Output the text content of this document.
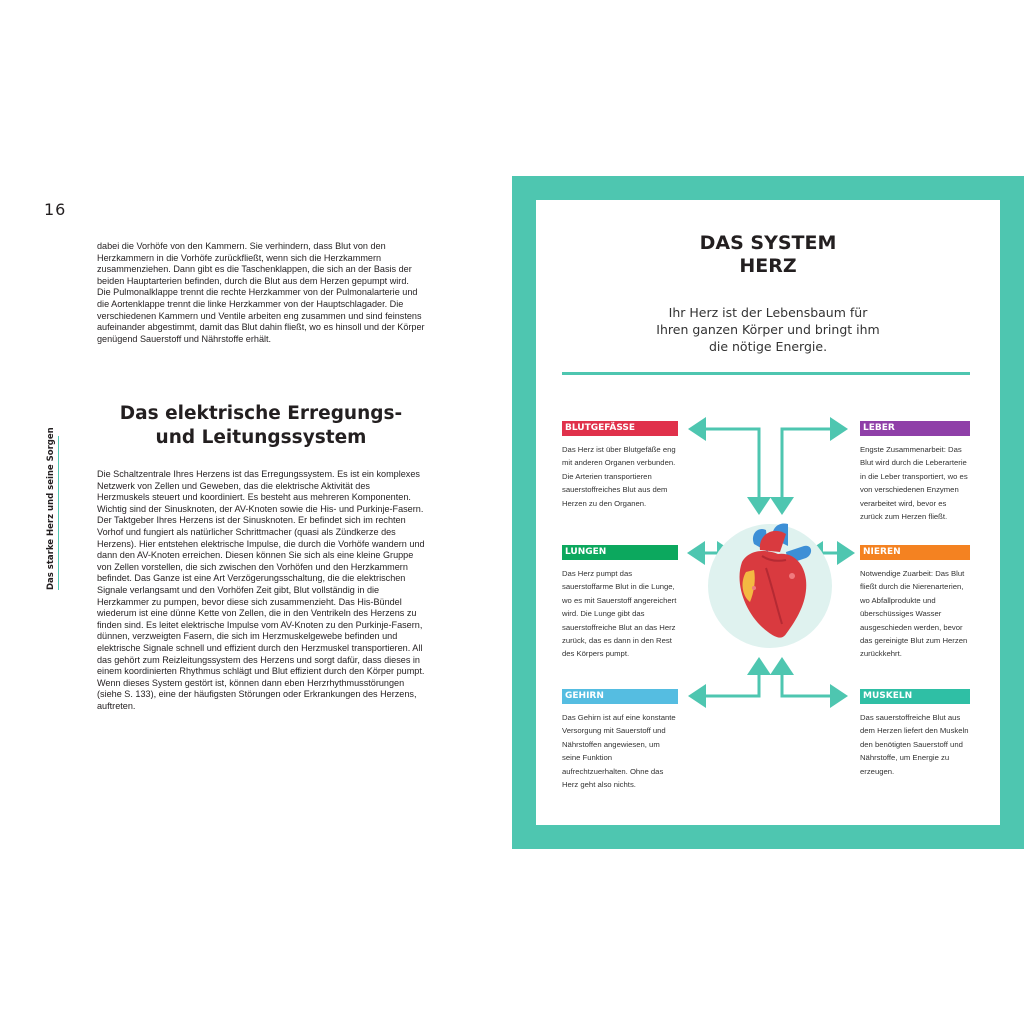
16
Das starke Herz und seine Sorgen

dabei die Vorhöfe von den Kammern. Sie verhindern, dass Blut von den Herzkammern in die Vorhöfe zurückfließt, wenn sich die Herzkammern zusammenziehen. Dann gibt es die Taschenklappen, die sich an der Basis der beiden Hauptarterien befinden, durch die Blut aus dem Herzen gepumpt wird. Die Pulmonalklappe trennt die rechte Herzkammer von der Pulmonalarterie und die Aortenklappe trennt die linke Herzkammer von der Hauptschlagader. Die verschiedenen Kammern und Ventile arbeiten eng zusammen und sind feinstens aufeinander abgestimmt, damit das Blut dahin fließt, wo es hinsoll und der Körper genügend Sauerstoff und Nährstoffe erhält.

Das elektrische Erregungs- und Leitungssystem

Die Schaltzentrale Ihres Herzens ist das Erregungssystem. Es ist ein komplexes Netzwerk von Zellen und Geweben, das die elektrische Aktivität des Herzmuskels steuert und koordiniert. Es besteht aus mehreren Komponenten. Wichtig sind der Sinusknoten, der AV-Knoten sowie die His- und Purkinje-Fasern. Der Taktgeber Ihres Herzens ist der Sinusknoten. Er befindet sich im rechten Vorhof und fungiert als natürlicher Schrittmacher (quasi als Zündkerze des Herzens). Hier entstehen elektrische Impulse, die durch die Vorhöfe wandern und dann den AV-Knoten erreichen. Diesen können Sie sich als eine kleine Gruppe von Zellen vorstellen, die sich zwischen den Vorhöfen und den Herzkammern befindet. Das Ganze ist eine Art Verzögerungsschaltung, die die elektrischen Signale verlangsamt und den Vorhöfen Zeit gibt, Blut vollständig in die Herzkammer zu pumpen, bevor diese sich zusammenzieht. Das His-Bündel wiederum ist eine dünne Kette von Zellen, die in den Ventrikeln des Herzens zu finden sind. Es leitet elektrische Impulse vom AV-Knoten zu den Purkinje-Fasern, dünnen, verzweigten Fasern, die sich im Herzmuskelgewebe befinden und elektrische Signale schnell und effizient durch den Herzmuskel transportieren. All das gehört zum Reizleitungssystem des Herzens und sorgt dafür, dass dieses in einem koordinierten Rhythmus schlägt und Blut effizient durch den Körper pumpt. Wenn dieses System gestört ist, können dann eben Herzrhythmusstörungen (siehe S. 133), eine der häufigsten Störungen oder Erkrankungen des Herzens, auftreten.

DAS SYSTEM
HERZ

Ihr Herz ist der Lebensbaum für Ihren ganzen Körper und bringt ihm die nötige Energie.

BLUTGEFÄSSE

Das Herz ist über Blutgefäße eng mit anderen Organen verbunden. Die Arterien transportieren sauerstoffreiches Blut aus dem Herzen zu den Organen.

LEBER

Engste Zusammenarbeit: Das Blut wird durch die Leberarterie in die Leber transportiert, wo es von verschiedenen Enzymen verarbeitet wird, bevor es zurück zum Herzen fließt.

LUNGEN

Das Herz pumpt das sauerstoffarme Blut in die Lunge, wo es mit Sauerstoff angereichert wird. Die Lunge gibt das sauerstoffreiche Blut an das Herz zurück, das es dann in den Rest des Körpers pumpt.

NIEREN

Notwendige Zuarbeit: Das Blut fließt durch die Nierenarterien, wo Abfallprodukte und überschüssiges Wasser ausgeschieden werden, bevor das gereinigte Blut zum Herzen zurückkehrt.

GEHIRN

Das Gehirn ist auf eine konstante Versorgung mit Sauerstoff und Nährstoffen angewiesen, um seine Funktion aufrechtzuerhalten. Ohne das Herz geht also nichts.

MUSKELN

Das sauerstoffreiche Blut aus dem Herzen liefert den Muskeln den benötigten Sauerstoff und Nährstoffe, um Energie zu erzeugen.
